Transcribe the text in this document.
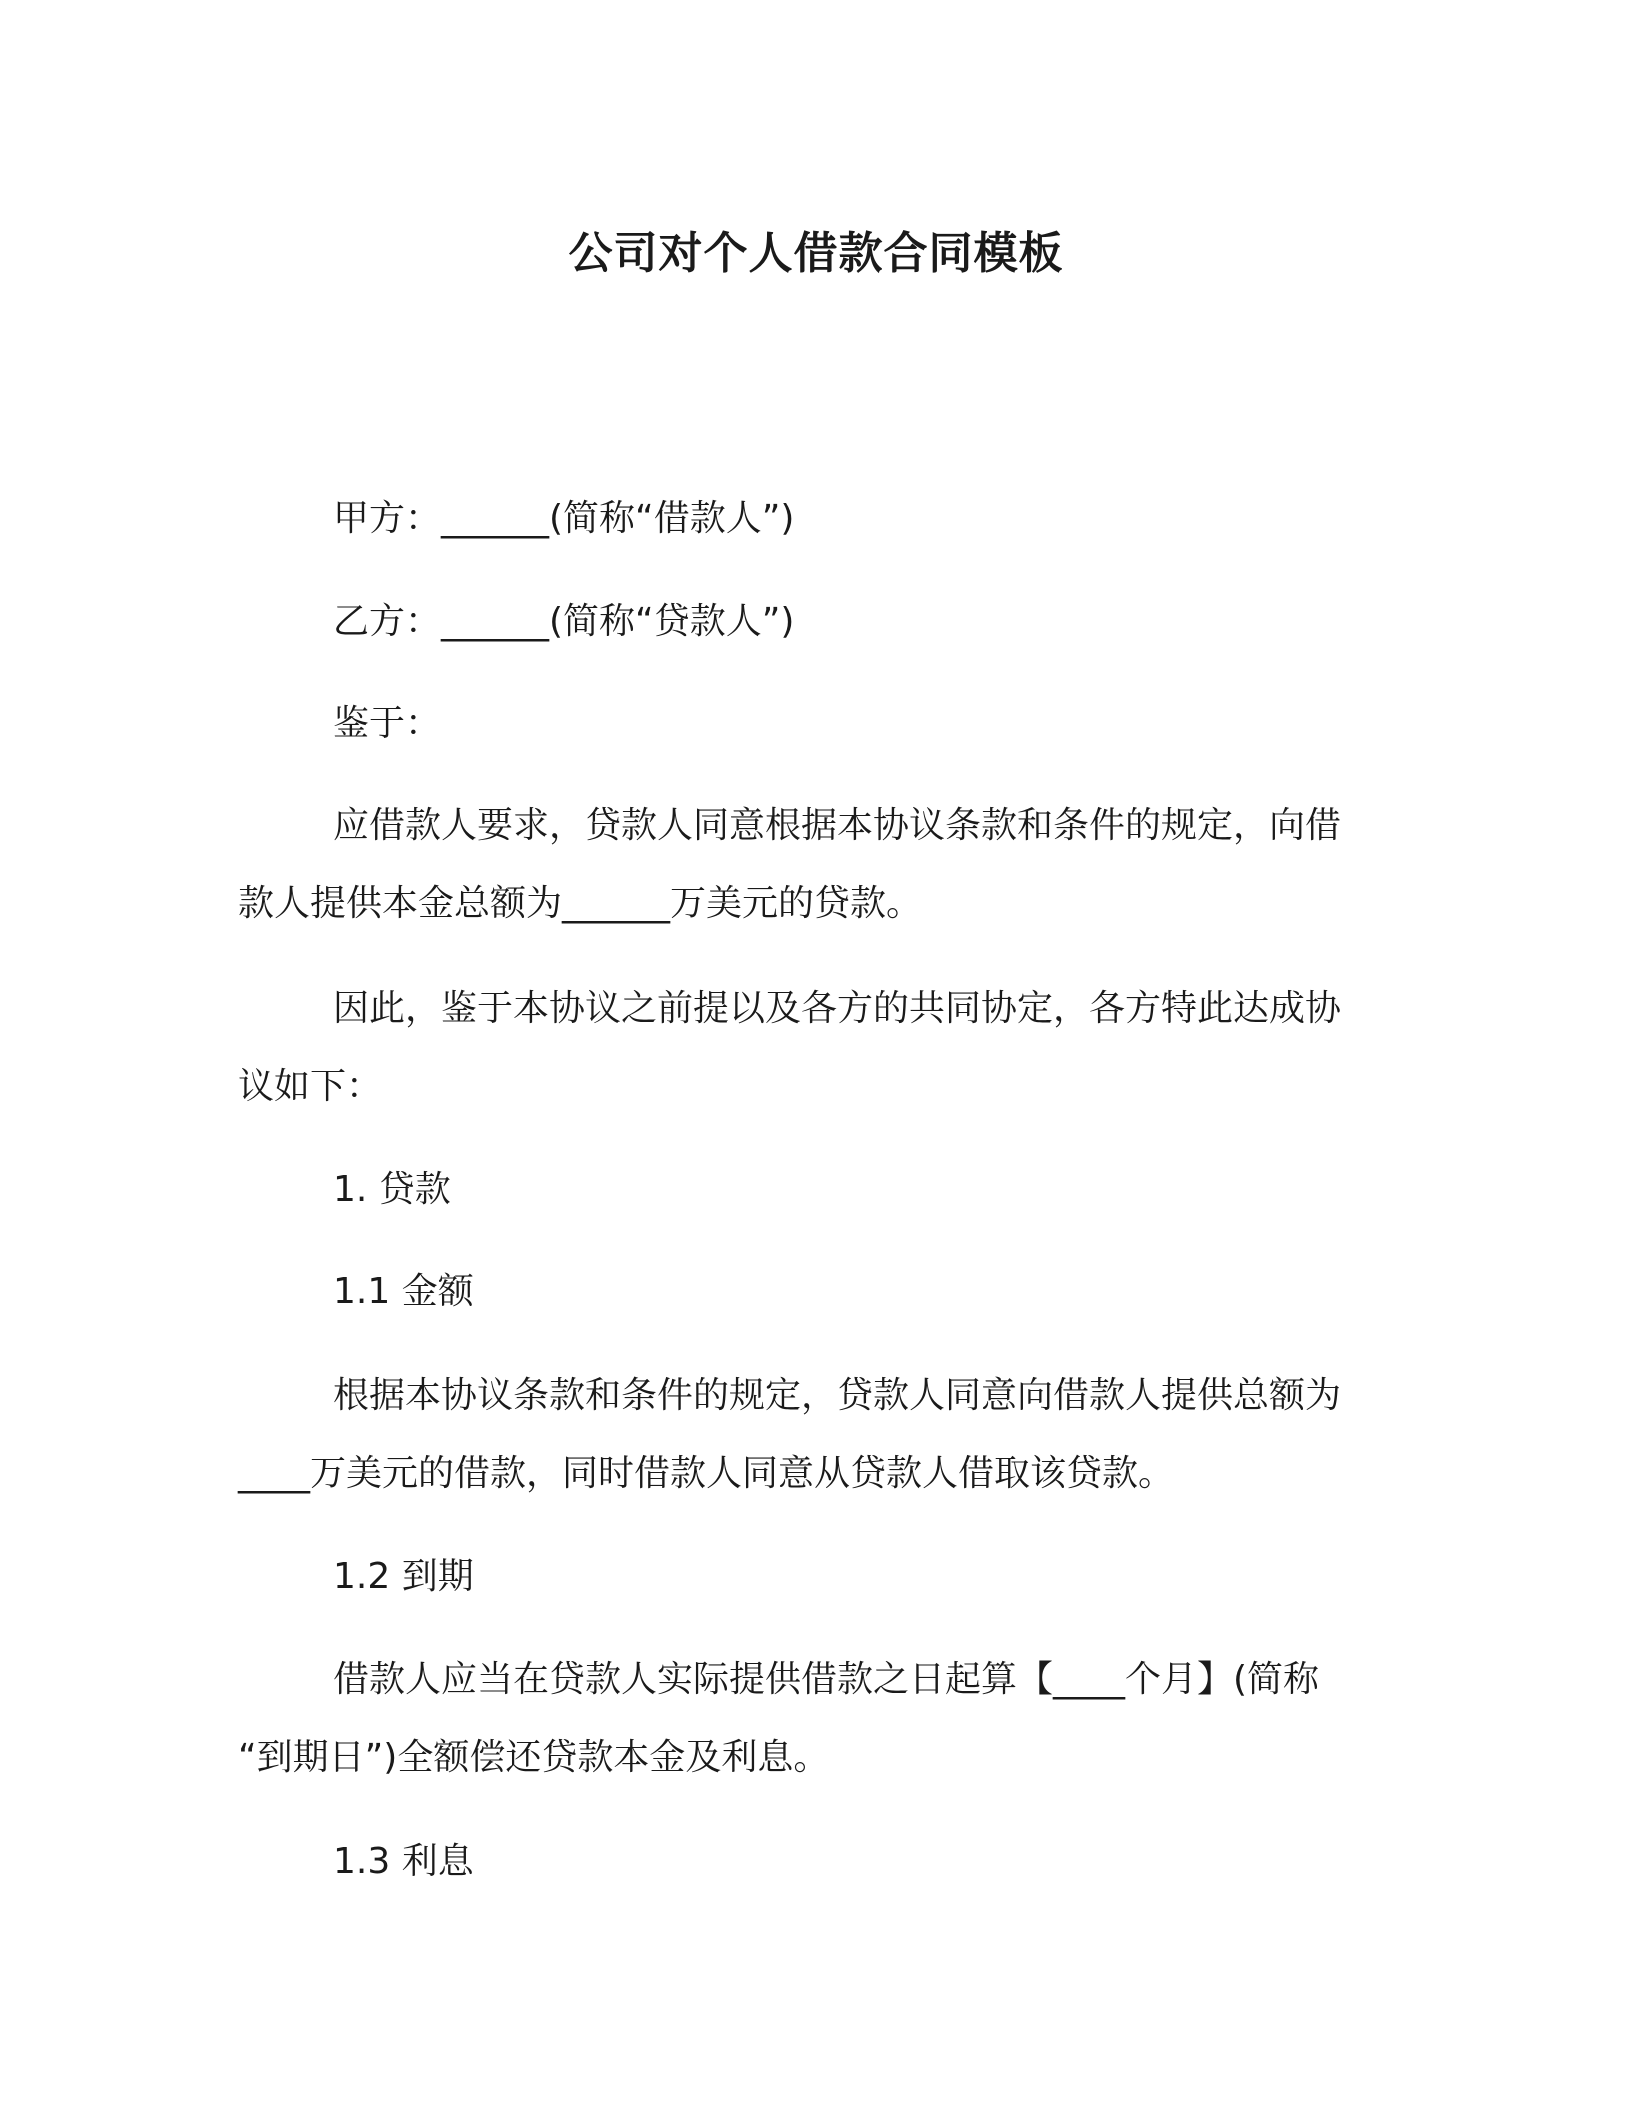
公司对个人借款合同模板
甲方：______(简称“借款人”)
乙方：______(简称“贷款人”)
鉴于：
应借款人要求，贷款人同意根据本协议条款和条件的规定，向借
款人提供本金总额为______万美元的贷款。
因此，鉴于本协议之前提以及各方的共同协定，各方特此达成协
议如下：
1. 贷款
1.1 金额
根据本协议条款和条件的规定，贷款人同意向借款人提供总额为
____万美元的借款，同时借款人同意从贷款人借取该贷款。
1.2 到期
借款人应当在贷款人实际提供借款之日起算【____个月】(简称
“到期日”)全额偿还贷款本金及利息。
1.3 利息
